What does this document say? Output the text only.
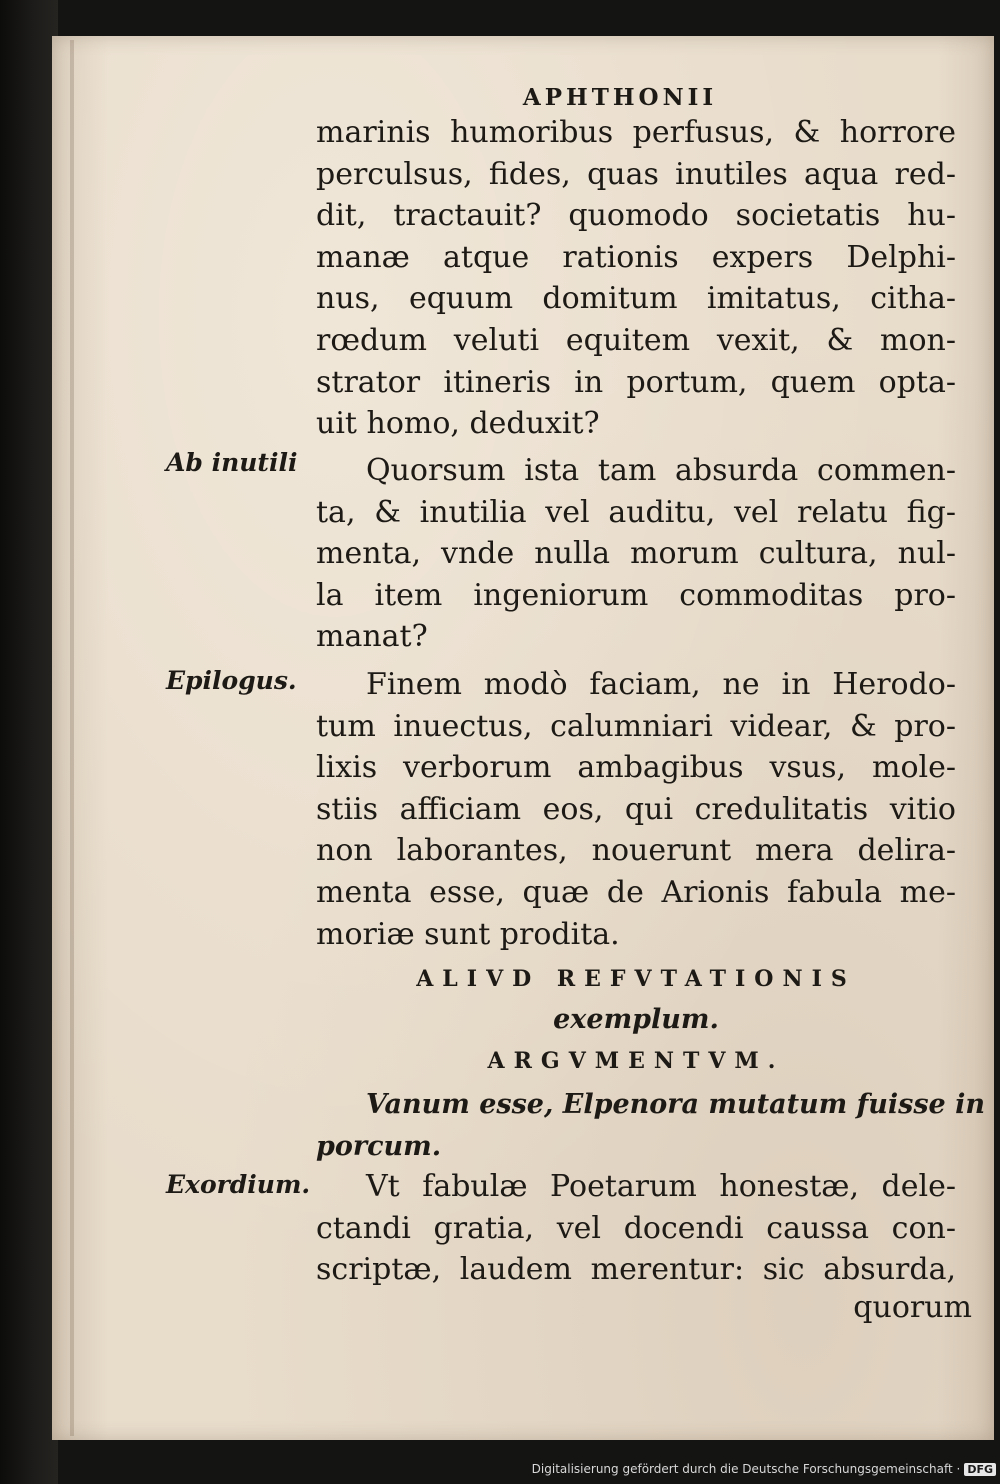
APHTHONII
marinis humoribus perfusus, & horrore
perculsus, fides, quas inutiles aqua red-
dit, tractauit? quomodo societatis hu-
manæ atque rationis expers Delphi-
nus, equum domitum imitatus, citha-
rœdum veluti equitem vexit, & mon-
strator itineris in portum, quem opta-
uit homo, deduxit?
Ab inutili	Quorsum ista tam absurda commen-
ta, & inutilia vel auditu, vel relatu fig-
menta, vnde nulla morum cultura, nul-
la item ingeniorum commoditas pro-
manat?
Epilogus.	Finem modò faciam, ne in Herodo-
tum inuectus, calumniari videar, & pro-
lixis verborum ambagibus vsus, mole-
stiis afficiam eos, qui credulitatis vitio
non laborantes, nouerunt mera delira-
menta esse, quæ de Arionis fabula me-
moriæ sunt prodita.
ALIVD REFVTATIONIS
exemplum.
ARGVMENTVM.
Vanum esse, Elpenora mutatum fuisse in
porcum.
Exordium.	Vt fabulæ Poetarum honestæ, dele-
ctandi gratia, vel docendi caussa con-
scriptæ, laudem merentur: sic absurda,
quorum
Digitalisierung gefördert durch die Deutsche Forschungsgemeinschaft · DFG
